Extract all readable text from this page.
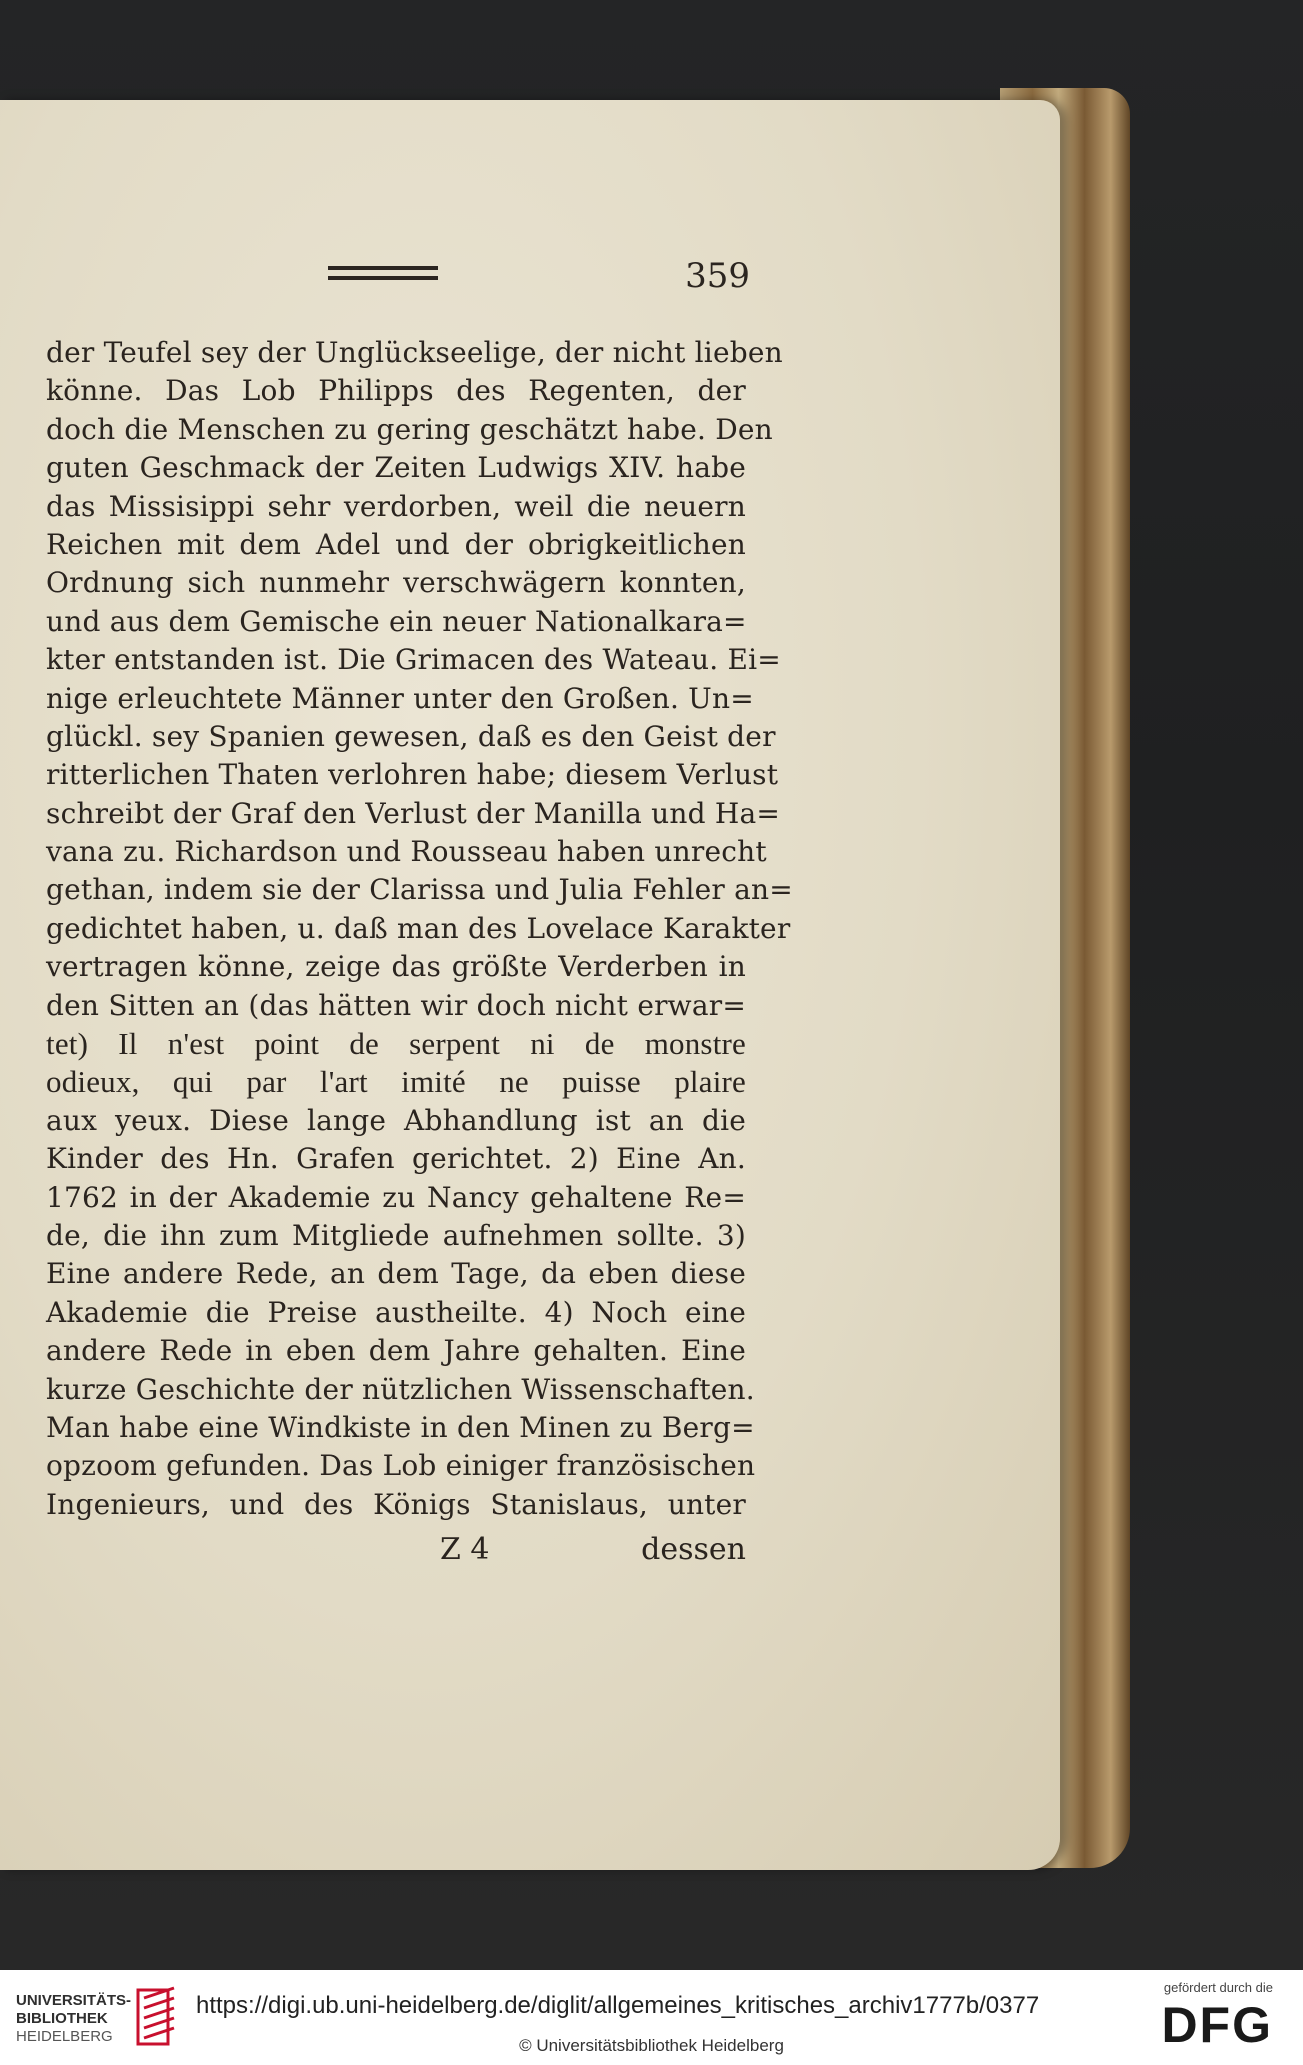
359
der Teufel sey der Unglückseelige, der nicht lieben
könne. Das Lob Philipps des Regenten, der
doch die Menschen zu gering geschätzt habe. Den
guten Geschmack der Zeiten Ludwigs XIV. habe
das Missisippi sehr verdorben, weil die neuern
Reichen mit dem Adel und der obrigkeitlichen
Ordnung sich nunmehr verschwägern konnten,
und aus dem Gemische ein neuer Nationalkara=
kter entstanden ist. Die Grimacen des Wateau. Ei=
nige erleuchtete Männer unter den Großen. Un=
glückl. sey Spanien gewesen, daß es den Geist der
ritterlichen Thaten verlohren habe; diesem Verlust
schreibt der Graf den Verlust der Manilla und Ha=
vana zu. Richardson und Rousseau haben unrecht
gethan, indem sie der Clarissa und Julia Fehler an=
gedichtet haben, u. daß man des Lovelace Karakter
vertragen könne, zeige das größte Verderben in
den Sitten an (das hätten wir doch nicht erwar=
tet) Il n'est point de serpent ni de monstre
odieux, qui par l'art imité ne puisse plaire
aux yeux. Diese lange Abhandlung ist an die
Kinder des Hn. Grafen gerichtet. 2) Eine An.
1762 in der Akademie zu Nancy gehaltene Re=
de, die ihn zum Mitgliede aufnehmen sollte. 3)
Eine andere Rede, an dem Tage, da eben diese
Akademie die Preise austheilte. 4) Noch eine
andere Rede in eben dem Jahre gehalten. Eine
kurze Geschichte der nützlichen Wissenschaften.
Man habe eine Windkiste in den Minen zu Berg=
opzoom gefunden. Das Lob einiger französischen
Ingenieurs, und des Königs Stanislaus, unter
Z 4	dessen
UNIVERSITÄTS-
BIBLIOTHEK
HEIDELBERG
https://digi.ub.uni-heidelberg.de/diglit/allgemeines_kritisches_archiv1777b/0377
© Universitätsbibliothek Heidelberg
gefördert durch die
DFG
